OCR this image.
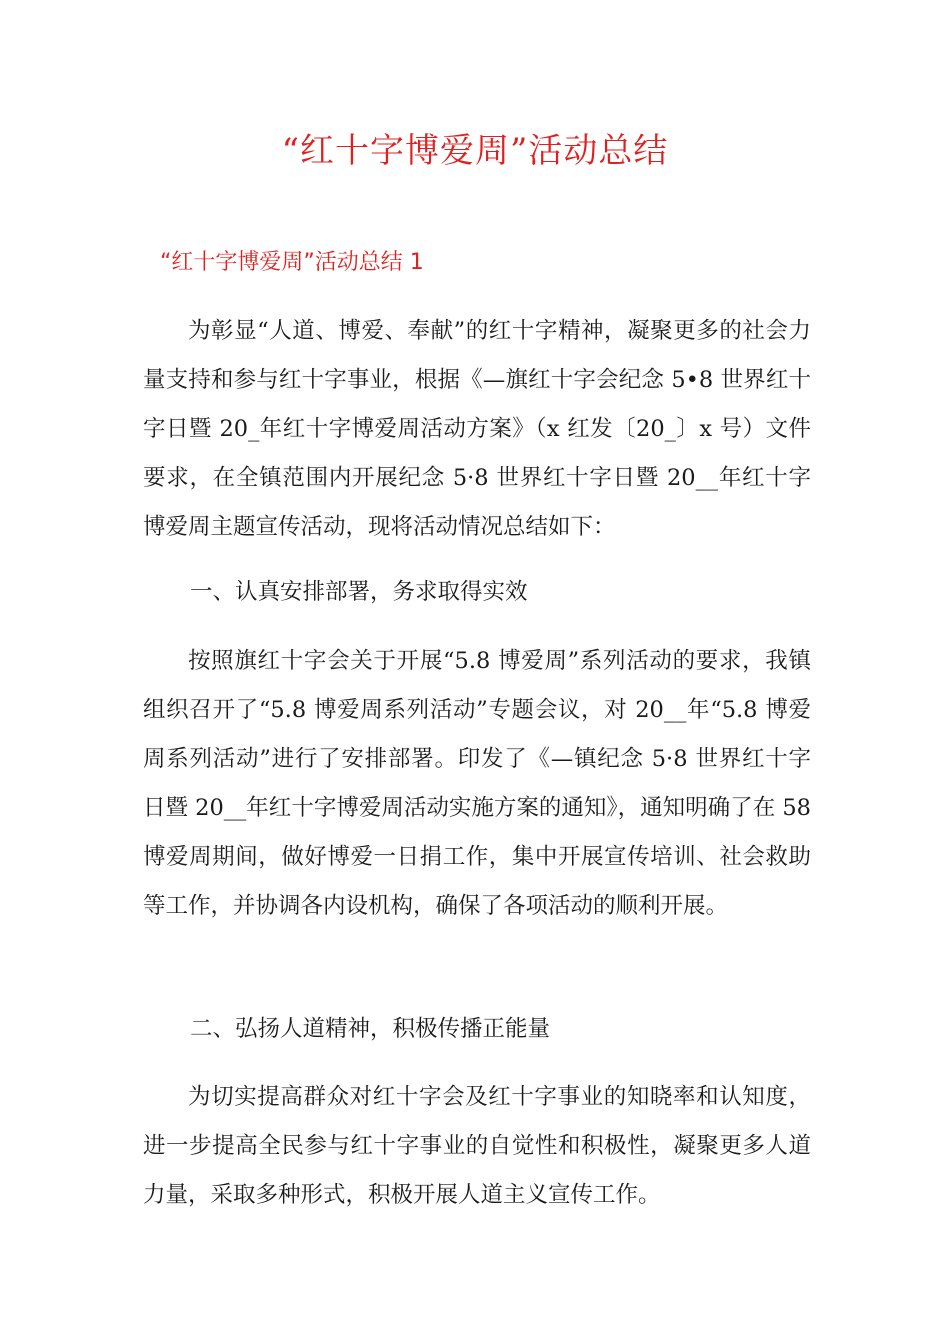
“红十字博爱周”活动总结
“红十字博爱周”活动总结 1

为彰显“人道、博爱、奉献”的红十字精神，凝聚更多的社会力量支持和参与红十字事业，根据《—旗红十字会纪念 5•8 世界红十字日暨 20_年红十字博爱周活动方案》（x 红发〔20_〕x 号）文件要求，在全镇范围内开展纪念 5·8 世界红十字日暨 20__年红十字博爱周主题宣传活动，现将活动情况总结如下：

一、认真安排部署，务求取得实效

按照旗红十字会关于开展“5.8 博爱周”系列活动的要求，我镇组织召开了“5.8 博爱周系列活动”专题会议，对 20__年“5.8 博爱周系列活动”进行了安排部署。印发了《—镇纪念 5·8 世界红十字日暨 20__年红十字博爱周活动实施方案的通知》，通知明确了在 58 博爱周期间，做好博爱一日捐工作，集中开展宣传培训、社会救助等工作，并协调各内设机构，确保了各项活动的顺利开展。

二、弘扬人道精神，积极传播正能量

为切实提高群众对红十字会及红十字事业的知晓率和认知度，进一步提高全民参与红十字事业的自觉性和积极性，凝聚更多人道力量，采取多种形式，积极开展人道主义宣传工作。
